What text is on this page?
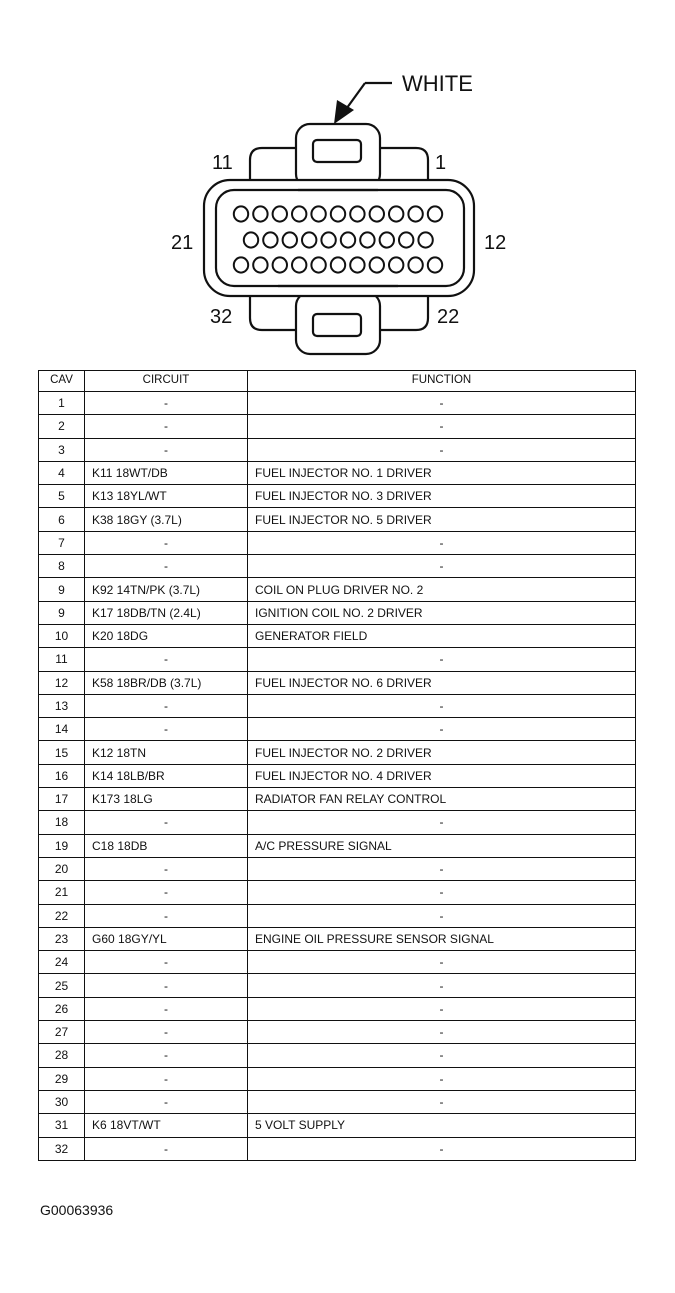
WHITE
1
11
21	12
32	22
CAV	CIRCUIT	FUNCTION
1	-	-
2	-	-
3	-	-
4	K11 18WT/DB	FUEL INJECTOR NO. 1 DRIVER
5	K13 18YL/WT	FUEL INJECTOR NO. 3 DRIVER
6	K38 18GY (3.7L)	FUEL INJECTOR NO. 5 DRIVER
7	-	-
8	-	-
9	K92 14TN/PK (3.7L)	COIL ON PLUG DRIVER NO. 2
9	K17 18DB/TN (2.4L)	IGNITION COIL NO. 2 DRIVER
10	K20 18DG	GENERATOR FIELD
11	-	-
12	K58 18BR/DB (3.7L)	FUEL INJECTOR NO. 6 DRIVER
13	-	-
14	-	-
15	K12 18TN	FUEL INJECTOR NO. 2 DRIVER
16	K14 18LB/BR	FUEL INJECTOR NO. 4 DRIVER
17	K173 18LG	RADIATOR FAN RELAY CONTROL
18	-	-
19	C18 18DB	A/C PRESSURE SIGNAL
20	-	-
21	-	-
22	-	-
23	G60 18GY/YL	ENGINE OIL PRESSURE SENSOR SIGNAL
24	-	-
25	-	-
26	-	-
27	-	-
28	-	-
29	-	-
30	-	-
31	K6 18VT/WT	5 VOLT SUPPLY
32	-	-
G00063936
